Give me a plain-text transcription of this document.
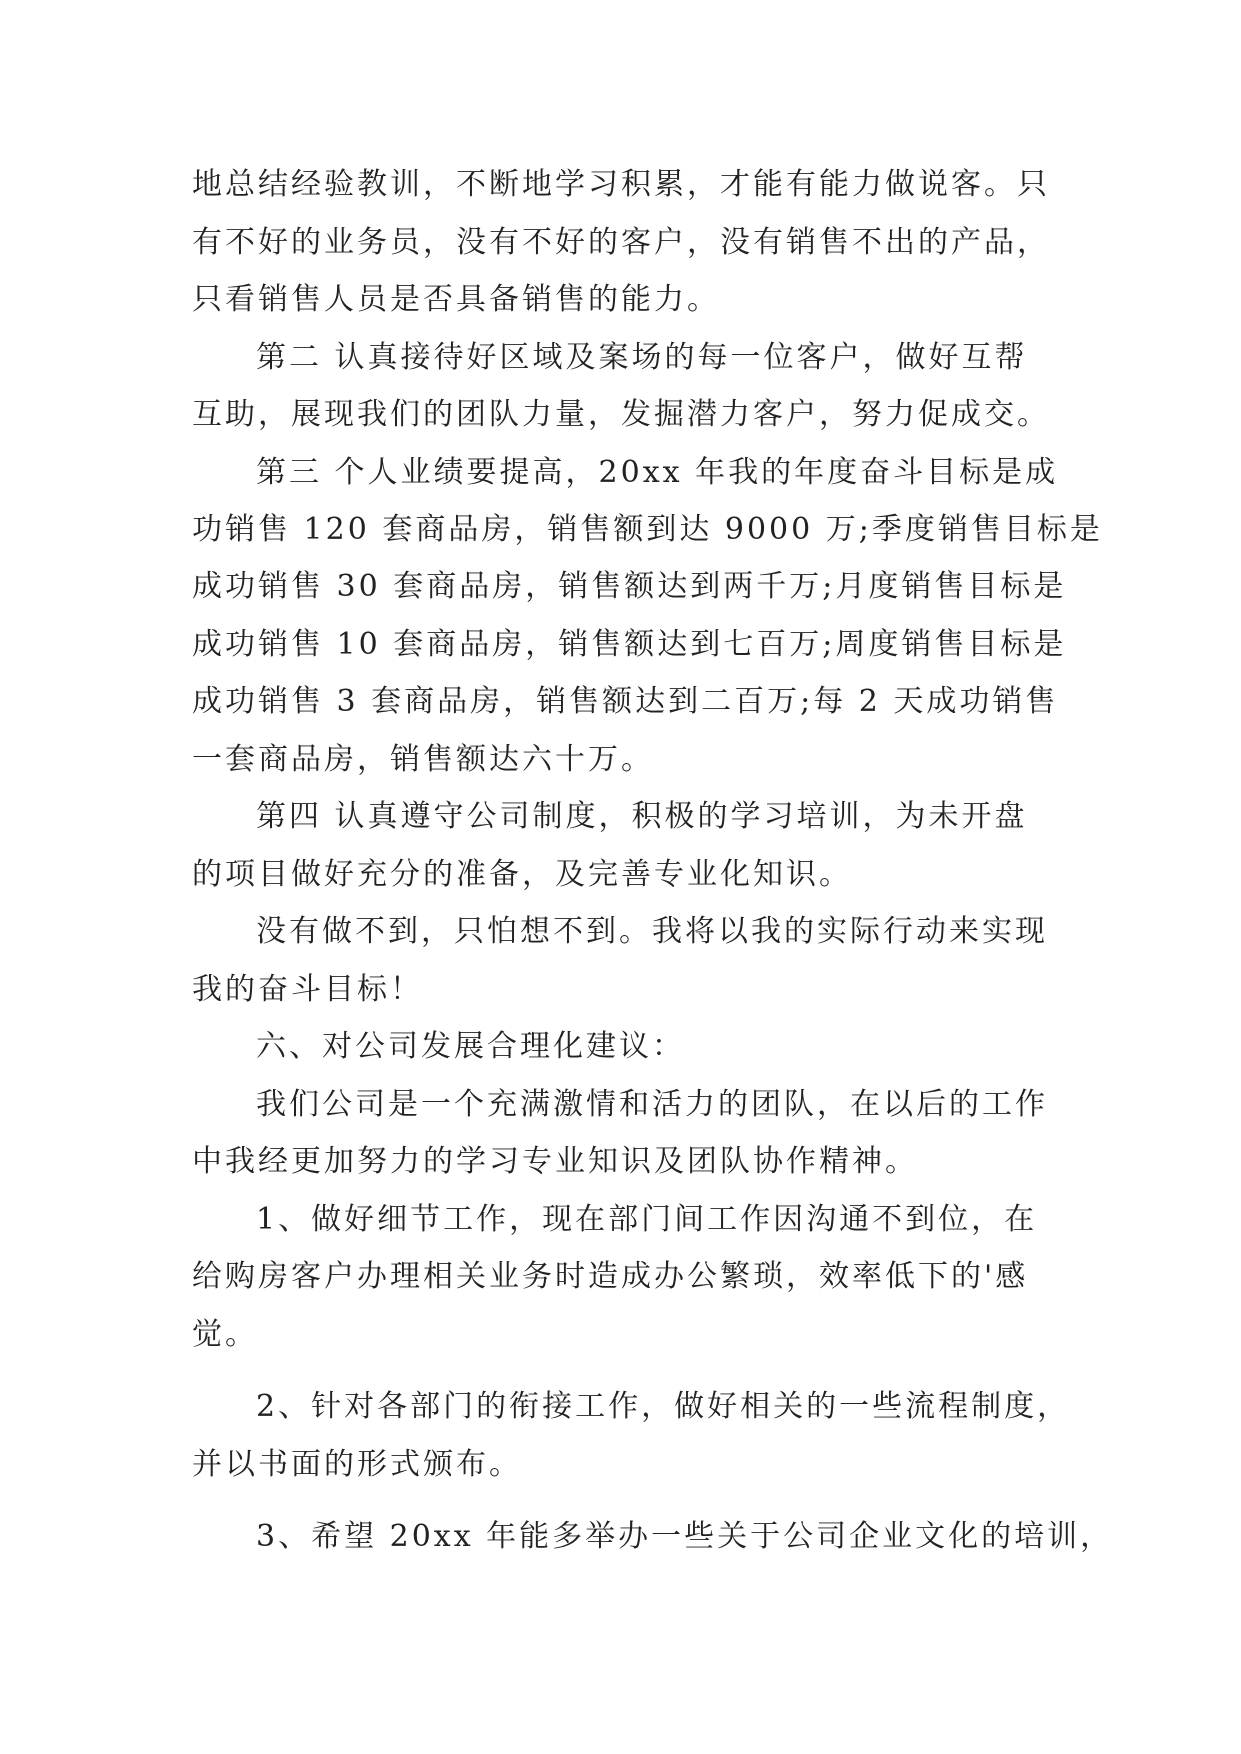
地总结经验教训，不断地学习积累，才能有能力做说客。只
有不好的业务员，没有不好的客户，没有销售不出的产品，
只看销售人员是否具备销售的能力。
第二 认真接待好区域及案场的每一位客户，做好互帮
互助，展现我们的团队力量，发掘潜力客户，努力促成交。
第三 个人业绩要提高，20xx 年我的年度奋斗目标是成
功销售 120 套商品房，销售额到达 9000 万;季度销售目标是
成功销售 30 套商品房，销售额达到两千万;月度销售目标是
成功销售 10 套商品房，销售额达到七百万;周度销售目标是
成功销售 3 套商品房，销售额达到二百万;每 2 天成功销售
一套商品房，销售额达六十万。
第四 认真遵守公司制度，积极的学习培训，为未开盘
的项目做好充分的准备，及完善专业化知识。
没有做不到，只怕想不到。我将以我的实际行动来实现
我的奋斗目标！
六、对公司发展合理化建议：
我们公司是一个充满激情和活力的团队，在以后的工作
中我经更加努力的学习专业知识及团队协作精神。
1、做好细节工作，现在部门间工作因沟通不到位，在
给购房客户办理相关业务时造成办公繁琐，效率低下的'感
觉。
2、针对各部门的衔接工作，做好相关的一些流程制度，
并以书面的形式颁布。
3、希望 20xx 年能多举办一些关于公司企业文化的培训，
